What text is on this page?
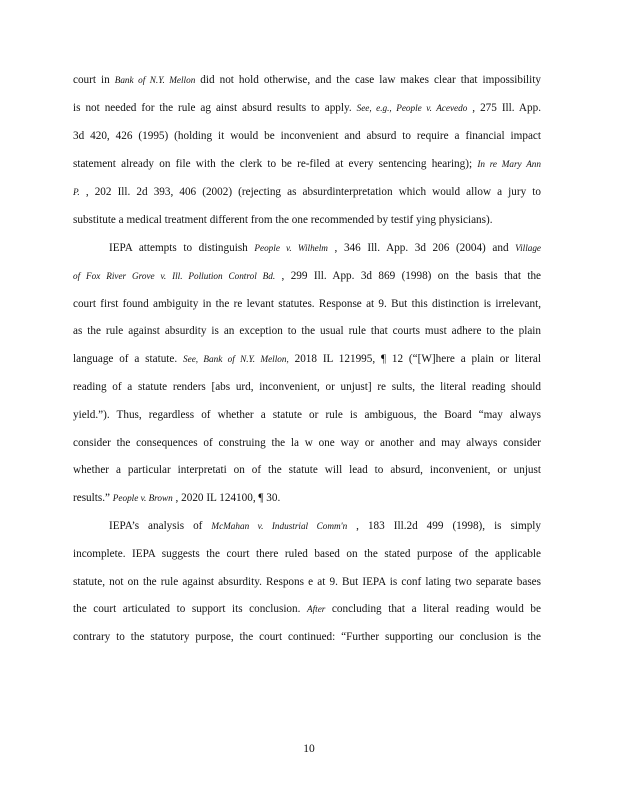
court in Bank of N.Y. Mellon did not hold otherwise, and the case law makes clear that impossibility
is not needed for the rule ag ainst absurd results to apply. See, e.g., People v. Acevedo , 275 Ill. App.
3d 420, 426 (1995) (holding it would be inconvenient and absurd to require a financial impact
statement already on file with the clerk to be re-filed at every sentencing hearing); In re Mary Ann
P. , 202 Ill. 2d 393, 406 (2002) (rejecting as absurdinterpretation which would allow a jury to
substitute a medical treatment different from the one recommended by testif ying physicians).
IEPA attempts to distinguish People v. Wilhelm , 346 Ill. App. 3d 206 (2004) and Village
of Fox River Grove v. Ill. Pollution Control Bd. , 299 Ill. App. 3d 869 (1998) on the basis that the
court first found ambiguity in the re levant statutes. Response at 9. But this distinction is irrelevant,
as the rule against absurdity is an exception to the usual rule that courts must adhere to the plain
language of a statute. See, Bank of N.Y. Mellon, 2018 IL 121995, ¶ 12 (“[W]here a plain or literal
reading of a statute renders [abs urd, inconvenient, or unjust] re sults, the literal reading should
yield.”). Thus, regardless of whether a statute or rule is ambiguous, the Board “may always
consider the consequences of construing the la w one way or another and may always consider
whether a particular interpretati on of the statute will lead to absurd, inconvenient, or unjust
results.” People v. Brown , 2020 IL 124100, ¶ 30.
IEPA’s analysis of McMahan v. Industrial Comm'n , 183 Ill.2d 499 (1998), is simply
incomplete. IEPA suggests the court there ruled based on the stated purpose of the applicable
statute, not on the rule against absurdity. Respons e at 9. But IEPA is conf lating two separate bases
the court articulated to support its conclusion. After concluding that a literal reading would be
contrary to the statutory purpose, the court continued: “Further supporting our conclusion is the
10
